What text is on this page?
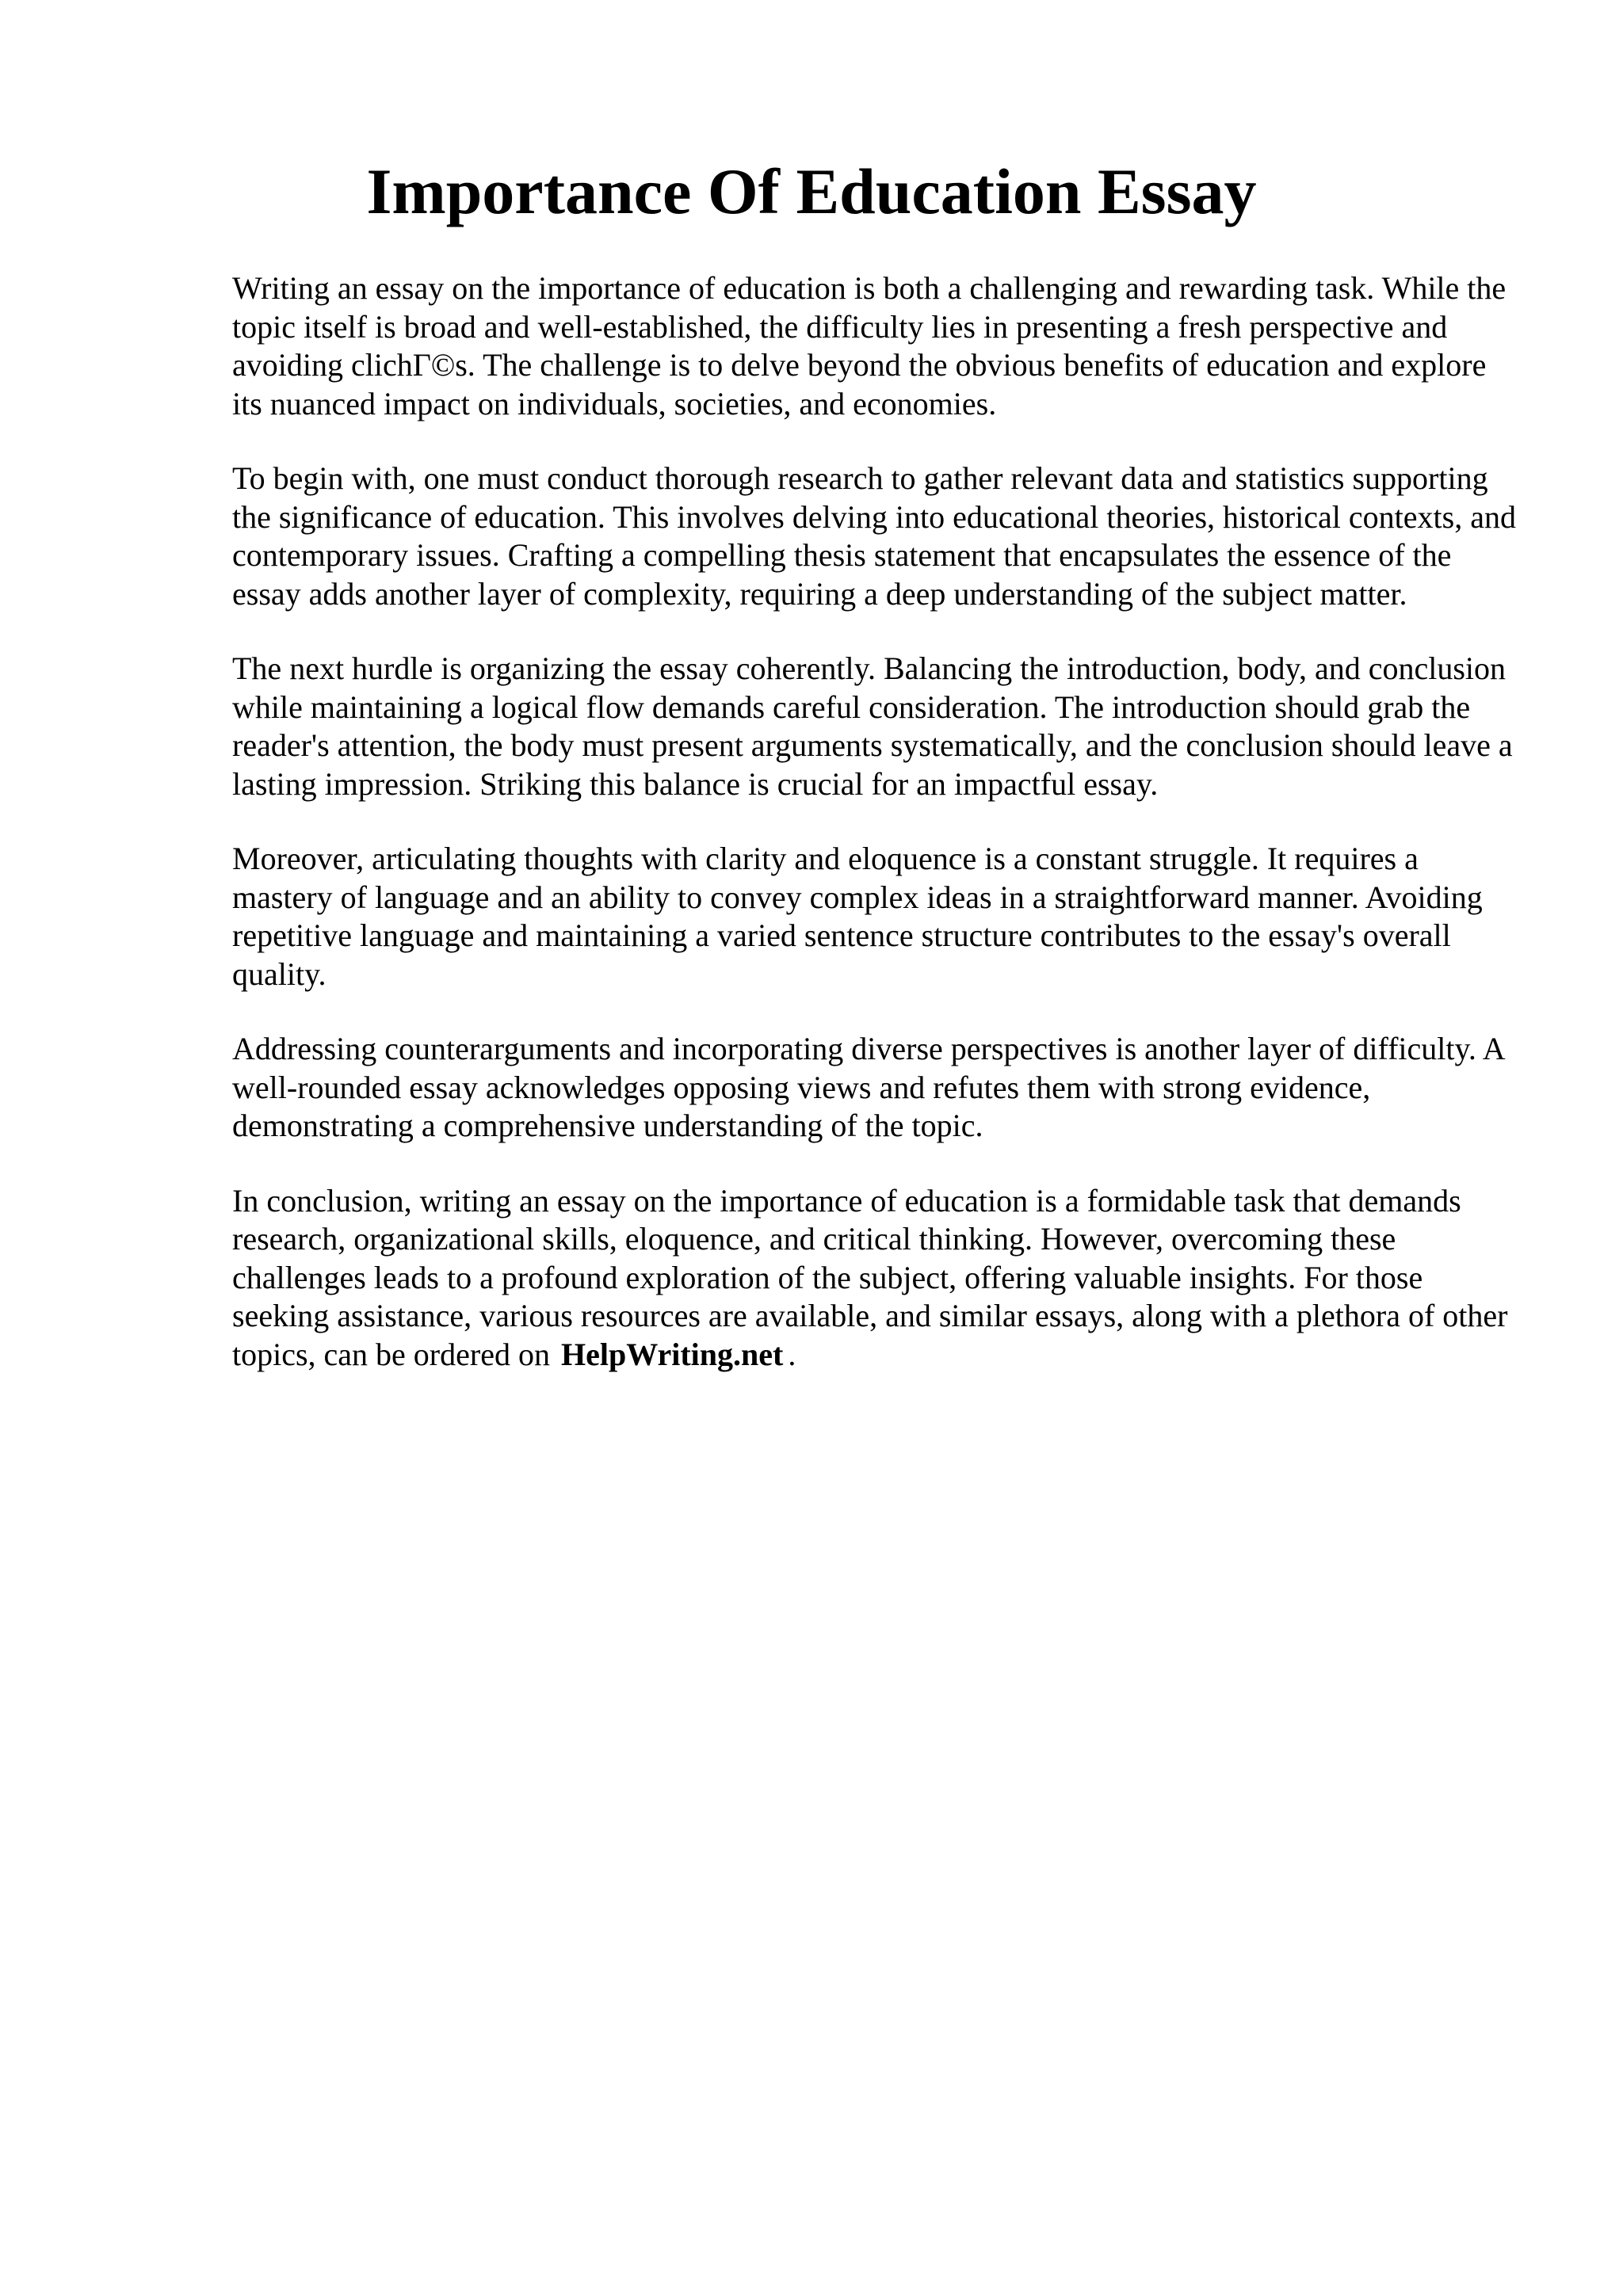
Importance Of Education Essay

Writing an essay on the importance of education is both a challenging and rewarding task. While the topic itself is broad and well-established, the difficulty lies in presenting a fresh perspective and avoiding clichГ©s. The challenge is to delve beyond the obvious benefits of education and explore its nuanced impact on individuals, societies, and economies.

To begin with, one must conduct thorough research to gather relevant data and statistics supporting the significance of education. This involves delving into educational theories, historical contexts, and contemporary issues. Crafting a compelling thesis statement that encapsulates the essence of the essay adds another layer of complexity, requiring a deep understanding of the subject matter.

The next hurdle is organizing the essay coherently. Balancing the introduction, body, and conclusion while maintaining a logical flow demands careful consideration. The introduction should grab the reader's attention, the body must present arguments systematically, and the conclusion should leave a lasting impression. Striking this balance is crucial for an impactful essay.

Moreover, articulating thoughts with clarity and eloquence is a constant struggle. It requires a mastery of language and an ability to convey complex ideas in a straightforward manner. Avoiding repetitive language and maintaining a varied sentence structure contributes to the essay's overall quality.

Addressing counterarguments and incorporating diverse perspectives is another layer of difficulty. A well-rounded essay acknowledges opposing views and refutes them with strong evidence, demonstrating a comprehensive understanding of the topic.

In conclusion, writing an essay on the importance of education is a formidable task that demands research, organizational skills, eloquence, and critical thinking. However, overcoming these challenges leads to a profound exploration of the subject, offering valuable insights. For those seeking assistance, various resources are available, and similar essays, along with a plethora of other topics, can be ordered on HelpWriting.net .
